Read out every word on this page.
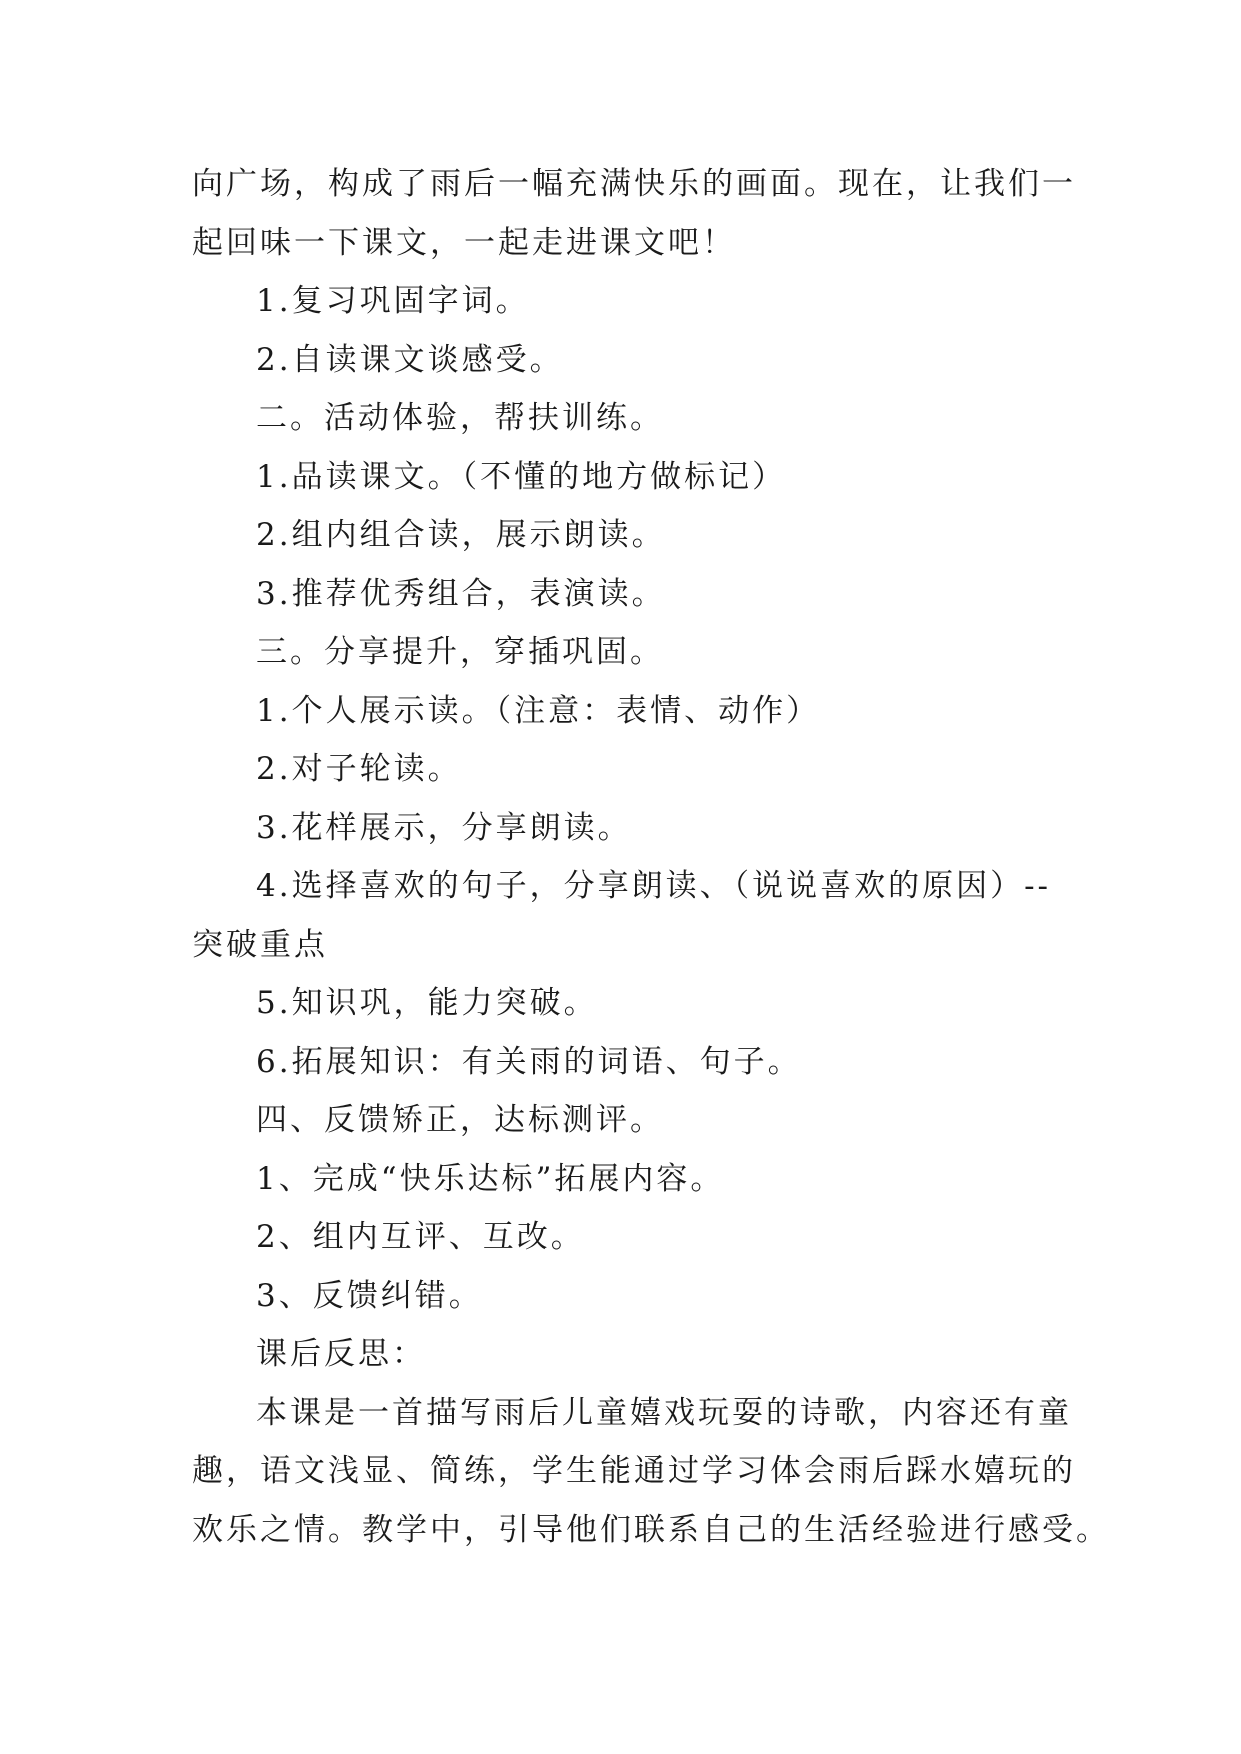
向广场，构成了雨后一幅充满快乐的画面。现在，让我们一

起回味一下课文，一起走进课文吧！

1.复习巩固字词。

2.自读课文谈感受。

二。活动体验，帮扶训练。

1.品读课文。（不懂的地方做标记）

2.组内组合读，展示朗读。

3.推荐优秀组合，表演读。

三。分享提升，穿插巩固。

1.个人展示读。（注意：表情、动作）

2.对子轮读。

3.花样展示，分享朗读。

4.选择喜欢的句子，分享朗读、（说说喜欢的原因）--

突破重点

5.知识巩，能力突破。

6.拓展知识：有关雨的词语、句子。

四、反馈矫正，达标测评。

1、完成“快乐达标”拓展内容。

2、组内互评、互改。

3、反馈纠错。

课后反思：

本课是一首描写雨后儿童嬉戏玩耍的诗歌，内容还有童

趣，语文浅显、简练，学生能通过学习体会雨后踩水嬉玩的

欢乐之情。教学中，引导他们联系自己的生活经验进行感受。
